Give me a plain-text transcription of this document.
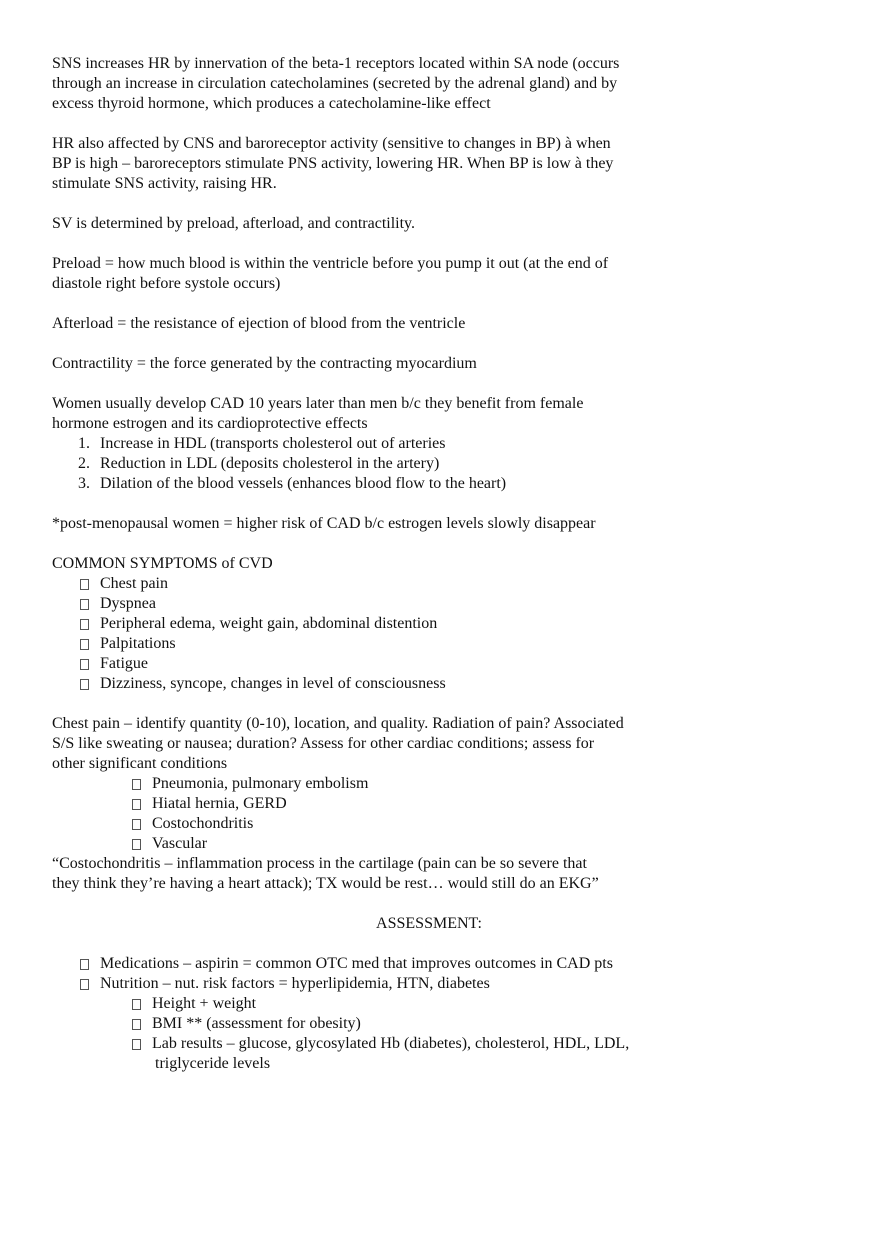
SNS increases HR by innervation of the beta-1 receptors located within SA node (occurs
through an increase in circulation catecholamines (secreted by the adrenal gland) and by
excess thyroid hormone, which produces a catecholamine-like effect

HR also affected by CNS and baroreceptor activity (sensitive to changes in BP) à when
BP is high – baroreceptors stimulate PNS activity, lowering HR. When BP is low à they
stimulate SNS activity, raising HR.

SV is determined by preload, afterload, and contractility.

Preload = how much blood is within the ventricle before you pump it out (at the end of
diastole right before systole occurs)

Afterload = the resistance of ejection of blood from the ventricle

Contractility = the force generated by the contracting myocardium

Women usually develop CAD 10 years later than men b/c they benefit from female
hormone estrogen and its cardioprotective effects

1. Increase in HDL (transports cholesterol out of arteries
2. Reduction in LDL (deposits cholesterol in the artery)
3. Dilation of the blood vessels (enhances blood flow to the heart)

*post-menopausal women = higher risk of CAD b/c estrogen levels slowly disappear

COMMON SYMPTOMS of CVD

Chest pain
Dyspnea
Peripheral edema, weight gain, abdominal distention
Palpitations
Fatigue
Dizziness, syncope, changes in level of consciousness

Chest pain – identify quantity (0-10), location, and quality. Radiation of pain? Associated
S/S like sweating or nausea; duration? Assess for other cardiac conditions; assess for
other significant conditions

Pneumonia, pulmonary embolism
Hiatal hernia, GERD
Costochondritis
Vascular

“Costochondritis – inflammation process in the cartilage (pain can be so severe that
they think they’re having a heart attack); TX would be rest… would still do an EKG”

ASSESSMENT:

Medications – aspirin = common OTC med that improves outcomes in CAD pts
Nutrition – nut. risk factors = hyperlipidemia, HTN, diabetes
Height + weight
BMI ** (assessment for obesity)
Lab results – glucose, glycosylated Hb (diabetes), cholesterol, HDL, LDL,
triglyceride levels
